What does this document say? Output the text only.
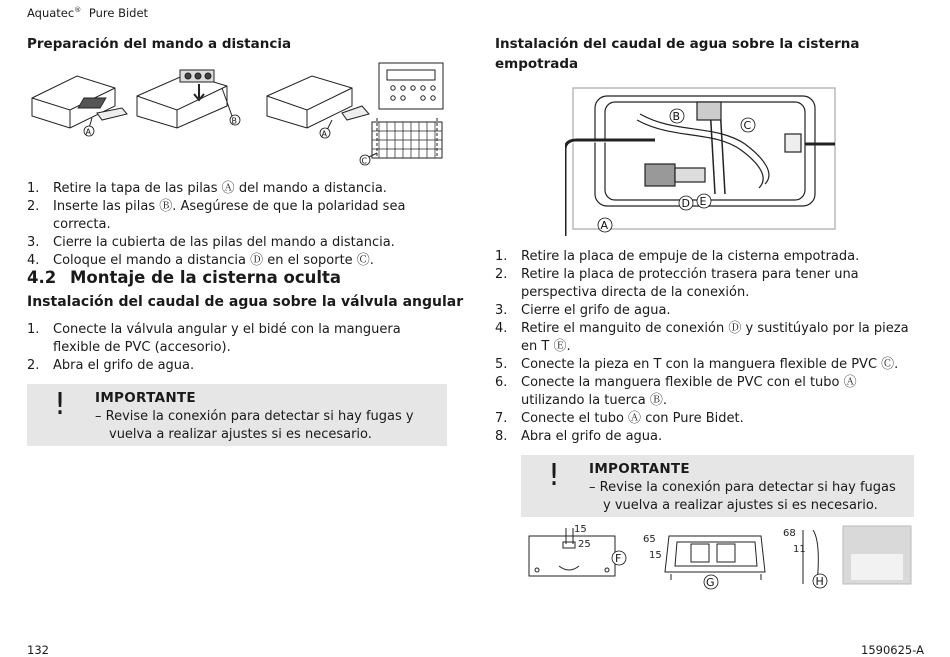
Aquatec® Pure Bidet
Preparación del mando a distancia
A
B
A
C
1. Retire la tapa de las pilas Ⓐ del mando a distancia.
2. Inserte las pilas Ⓑ. Asegúrese de que la polaridad sea correcta.
3. Cierre la cubierta de las pilas del mando a distancia.
4. Coloque el mando a distancia Ⓓ en el soporte Ⓒ.
4.2 Montaje de la cisterna oculta
Instalación del caudal de agua sobre la válvula angular
1. Conecte la válvula angular y el bidé con la manguera flexible de PVC (accesorio).
2. Abra el grifo de agua.
! IMPORTANTE
– Revise la conexión para detectar si hay fugas y vuelva a realizar ajustes si es necesario.
Instalación del caudal de agua sobre la cisterna empotrada
B
C
D E
A
1. Retire la placa de empuje de la cisterna empotrada.
2. Retire la placa de protección trasera para tener una perspectiva directa de la conexión.
3. Cierre el grifo de agua.
4. Retire el manguito de conexión Ⓓ y sustitúyalo por la pieza en T Ⓔ.
5. Conecte la pieza en T con la manguera flexible de PVC Ⓒ.
6. Conecte la manguera flexible de PVC con el tubo Ⓐ utilizando la tuerca Ⓑ.
7. Conecte el tubo Ⓐ con Pure Bidet.
8. Abra el grifo de agua.
! IMPORTANTE
– Revise la conexión para detectar si hay fugas y vuelva a realizar ajustes si es necesario.
15
25	65
15
68
11
F
G	H
132	1590625-A
